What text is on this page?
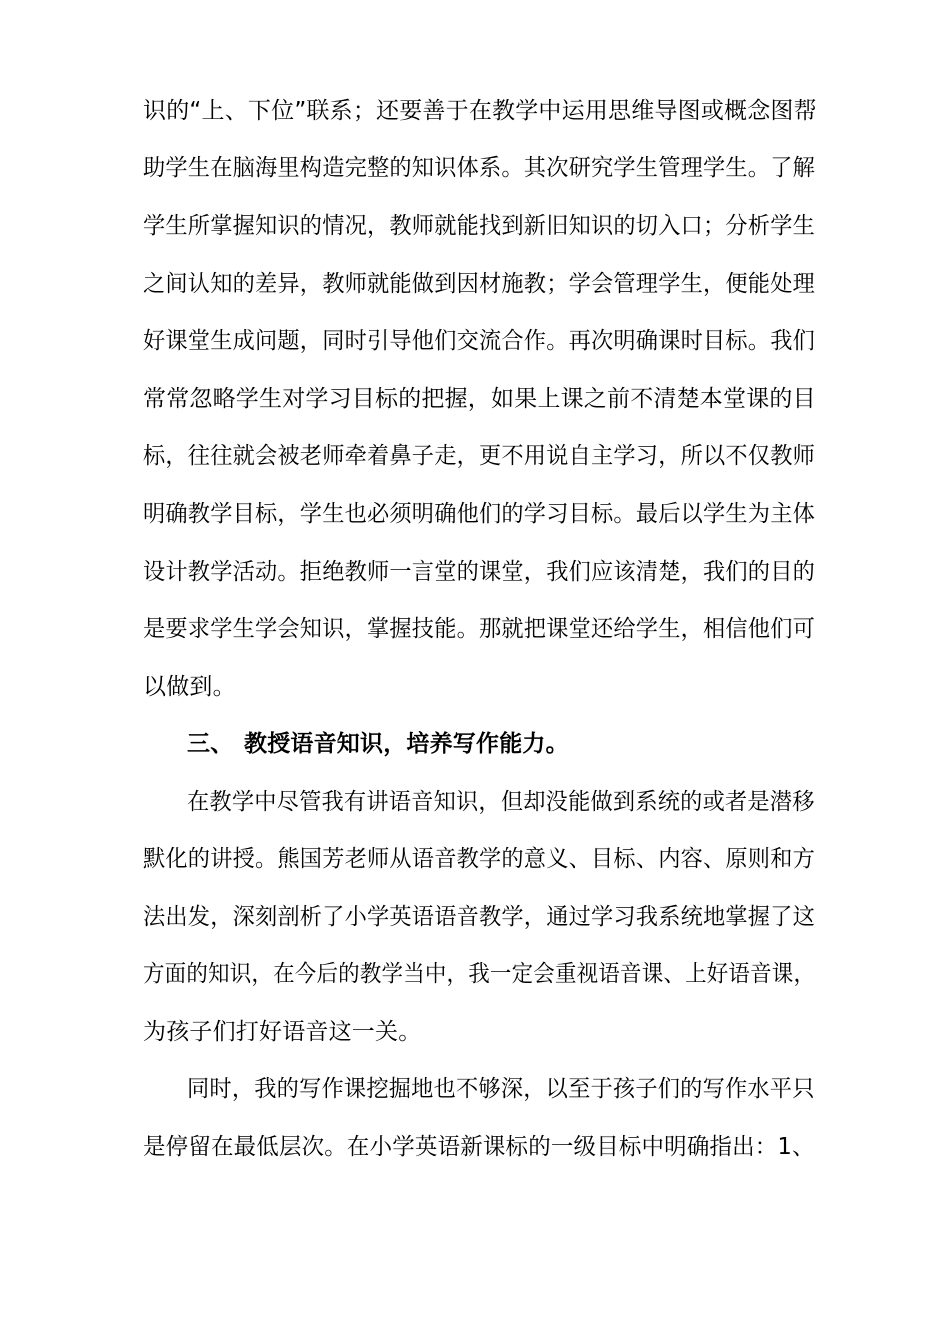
识的“上、下位”联系；还要善于在教学中运用思维导图或概念图帮
助学生在脑海里构造完整的知识体系。其次研究学生管理学生。了解
学生所掌握知识的情况，教师就能找到新旧知识的切入口；分析学生
之间认知的差异，教师就能做到因材施教；学会管理学生，便能处理
好课堂生成问题，同时引导他们交流合作。再次明确课时目标。我们
常常忽略学生对学习目标的把握，如果上课之前不清楚本堂课的目
标，往往就会被老师牵着鼻子走，更不用说自主学习，所以不仅教师
明确教学目标，学生也必须明确他们的学习目标。最后以学生为主体
设计教学活动。拒绝教师一言堂的课堂，我们应该清楚，我们的目的
是要求学生学会知识，掌握技能。那就把课堂还给学生，相信他们可
以做到。
三、 教授语音知识，培养写作能力。
在教学中尽管我有讲语音知识，但却没能做到系统的或者是潜移
默化的讲授。熊国芳老师从语音教学的意义、目标、内容、原则和方
法出发，深刻剖析了小学英语语音教学，通过学习我系统地掌握了这
方面的知识，在今后的教学当中，我一定会重视语音课、上好语音课，
为孩子们打好语音这一关。
同时，我的写作课挖掘地也不够深，以至于孩子们的写作水平只
是停留在最低层次。在小学英语新课标的一级目标中明确指出：1、
